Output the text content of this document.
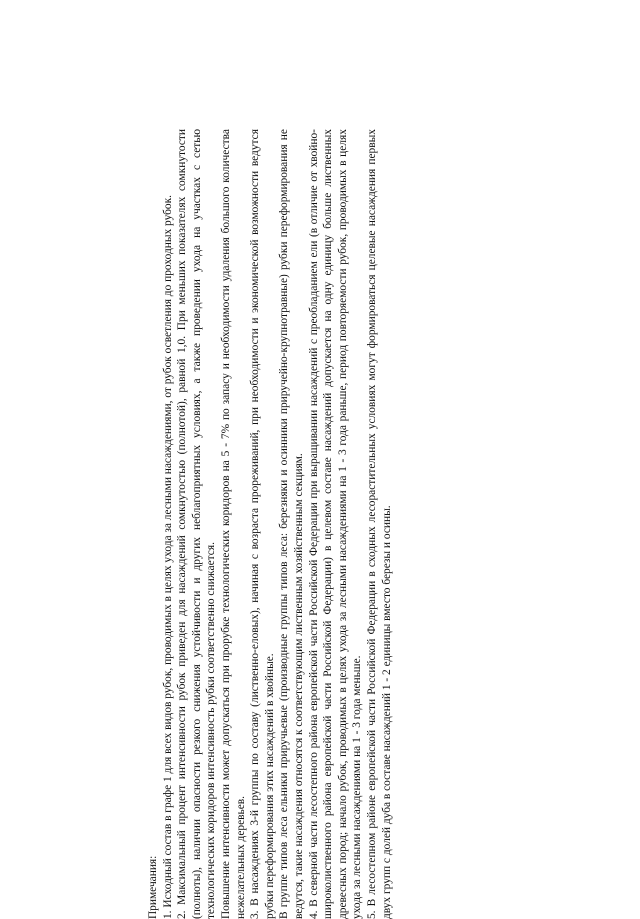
Примечания: 1. Исходный состав в графе 1 для всех видов рубок, проводимых в целях ухода за лесными насаждениями, от рубок осветления до проходных рубок. 2. Максимальный процент интенсивности рубок приведен для насаждений сомкнутостью (полнотой), равной 1,0. При меньших показателях сомкнутости (полноты), наличии опасности резкого снижения устойчивости и других неблагоприятных условиях, а также проведении ухода на участках с сетью технологических коридоров интенсивность рубки соответственно снижается. Повышение интенсивности может допускаться при прорубке технологических коридоров на 5 - 7% по запасу и необходимости удаления большого количества нежелательных деревьев. 3. В насаждениях 3-й группы по составу (лиственно-еловых), начиная с возраста прореживаний, при необходимости и экономической возможности ведутся рубки переформирования этих насаждений в хвойные. В группе типов леса ельники приручьевые (производные группы типов леса: березняки и осинники приручейно-крупнотравные) рубки переформирования не ведутся, такие насаждения относятся к соответствующим лиственным хозяйственным секциям. 4. В северной части лесостепного района европейской части Российской Федерации при выращивании насаждений с преобладанием ели (в отличие от хвойно-широколиственного района европейской части Российской Федерации) в целевом составе насаждений допускается на одну единицу больше лиственных древесных пород; начало рубок, проводимых в целях ухода за лесными насаждениями на 1 - 3 года раньше, период повторяемости рубок, проводимых в целях ухода за лесными насаждениями на 1 - 3 года меньше. 5. В лесостепном районе европейской части Российской Федерации в сходных лесорастительных условиях могут формироваться целевые насаждения первых двух групп с долей дуба в составе насаждений 1 - 2 единицы вместо березы и осины.
